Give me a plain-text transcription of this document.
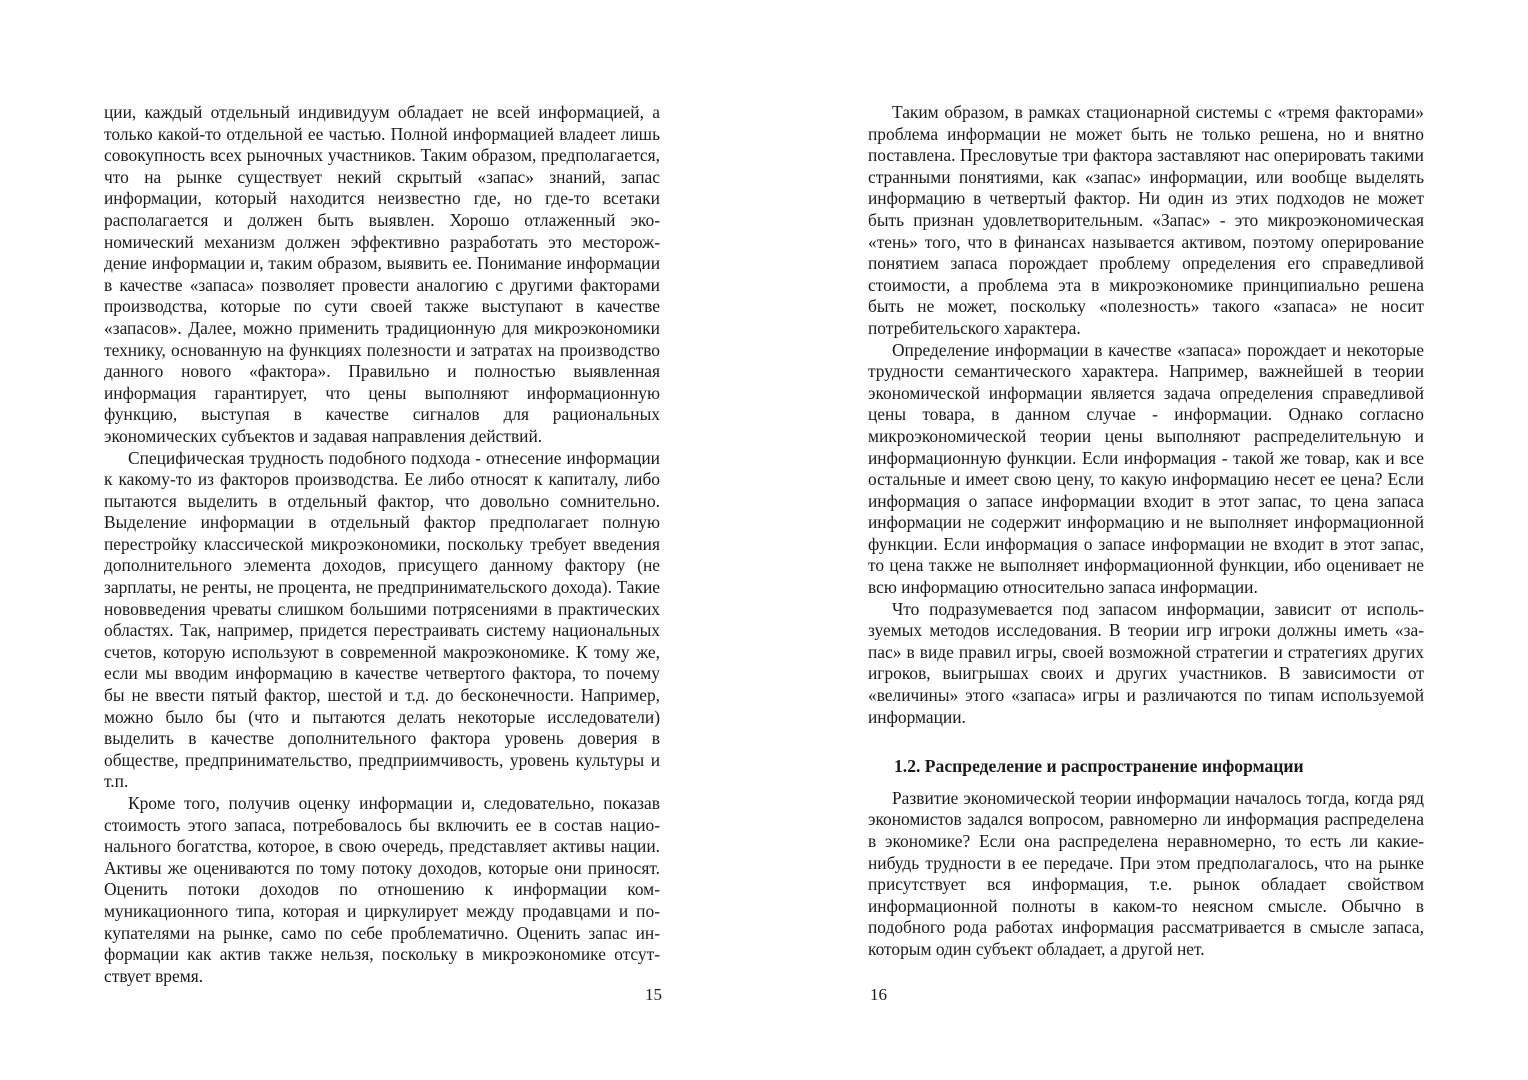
ции, каждый отдельный индивидуум обладает не всей информацией, а только какой-то отдельной ее частью. Полной информацией владеет лишь совокупность всех рыночных участников. Таким образом, предполагается, что на рынке существует некий скрытый «запас» знаний, запас информации, который находится неизвестно где, но где-то всетаки располагается и должен быть выявлен. Хорошо отлаженный экономический механизм должен эффективно разработать это месторождение информации и, таким образом, выявить ее. Понимание информации в качестве «запаса» позволяет провести аналогию с другими факторами производства, которые по сути своей также выступают в качестве «запасов». Далее, можно применить традиционную для микроэкономики технику, основанную на функциях полезности и затратах на производство данного нового «фактора». Правильно и полностью выявленная информация гарантирует, что цены выполняют информационную функцию, выступая в качестве сигналов для рациональных экономических субъектов и задавая направления действий.

Специфическая трудность подобного подхода - отнесение информации к какому-то из факторов производства. Ее либо относят к капиталу, либо пытаются выделить в отдельный фактор, что довольно сомнительно. Выделение информации в отдельный фактор предполагает полную перестройку классической микроэкономики, поскольку требует введения дополнительного элемента доходов, присущего данному фактору (не зарплаты, не ренты, не процента, не предпринимательского дохода). Такие нововведения чреваты слишком большими потрясениями в практических областях. Так, например, придется перестраивать систему национальных счетов, которую используют в современной макроэкономике. К тому же, если мы вводим информацию в качестве четвертого фактора, то почему бы не ввести пятый фактор, шестой и т.д. до бесконечности. Например, можно было бы (что и пытаются делать некоторые исследователи) выделить в качестве дополнительного фактора уровень доверия в обществе, предпринимательство, предприимчивость, уровень культуры и т.п.

Кроме того, получив оценку информации и, следовательно, показав стоимость этого запаса, потребовалось бы включить ее в состав национального богатства, которое, в свою очередь, представляет активы нации. Активы же оцениваются по тому потоку доходов, которые они приносят. Оценить потоки доходов по отношению к информации коммуникационного типа, которая и циркулирует между продавцами и покупателями на рынке, само по себе проблематично. Оценить запас информации как актив также нельзя, поскольку в микроэкономике отсутствует время.

15

Таким образом, в рамках стационарной системы с «тремя факторами» проблема информации не может быть не только решена, но и внятно поставлена. Пресловутые три фактора заставляют нас оперировать такими странными понятиями, как «запас» информации, или вообще выделять информацию в четвертый фактор. Ни один из этих подходов не может быть признан удовлетворительным. «Запас» - это микроэкономическая «тень» того, что в финансах называется активом, поэтому оперирование понятием запаса порождает проблему определения его справедливой стоимости, а проблема эта в микроэкономике принципиально решена быть не может, поскольку «полезность» такого «запаса» не носит потребительского характера.

Определение информации в качестве «запаса» порождает и некоторые трудности семантического характера. Например, важнейшей в теории экономической информации является задача определения справедливой цены товара, в данном случае - информации. Однако согласно микроэкономической теории цены выполняют распределительную и информационную функции. Если информация - такой же товар, как и все остальные и имеет свою цену, то какую информацию несет ее цена? Если информация о запасе информации входит в этот запас, то цена запаса информации не содержит информацию и не выполняет информационной функции. Если информация о запасе информации не входит в этот запас, то цена также не выполняет информационной функции, ибо оценивает не всю информацию относительно запаса информации.

Что подразумевается под запасом информации, зависит от используемых методов исследования. В теории игр игроки должны иметь «запас» в виде правил игры, своей возможной стратегии и стратегиях других игроков, выигрышах своих и других участников. В зависимости от «величины» этого «запаса» игры и различаются по типам используемой информации.

1.2. Распределение и распространение информации

Развитие экономической теории информации началось тогда, когда ряд экономистов задался вопросом, равномерно ли информация распределена в экономике? Если она распределена неравномерно, то есть ли какие-нибудь трудности в ее передаче. При этом предполагалось, что на рынке присутствует вся информация, т.е. рынок обладает свойством информационной полноты в каком-то неясном смысле. Обычно в подобного рода работах информация рассматривается в смысле запаса, которым один субъект обладает, а другой нет.

16
